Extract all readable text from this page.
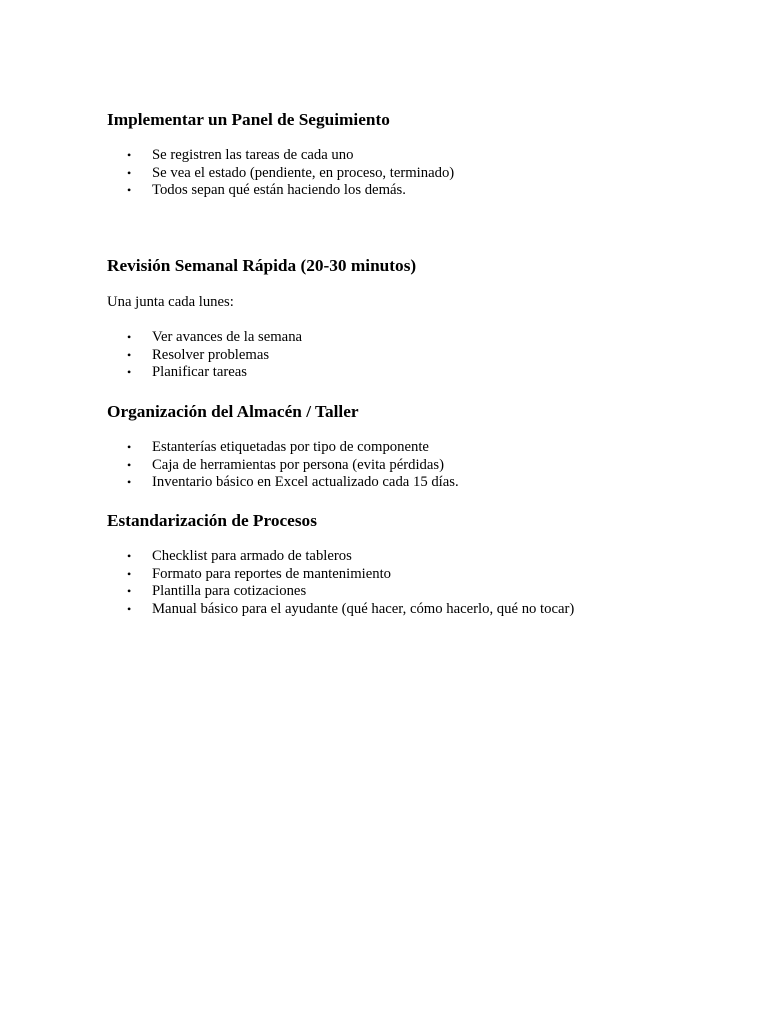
Implementar un Panel de Seguimiento
• Se registren las tareas de cada uno
• Se vea el estado (pendiente, en proceso, terminado)
• Todos sepan qué están haciendo los demás.
Revisión Semanal Rápida (20-30 minutos)

Una junta cada lunes:

• Ver avances de la semana
• Resolver problemas
• Planificar tareas
Organización del Almacén / Taller
• Estanterías etiquetadas por tipo de componente
• Caja de herramientas por persona (evita pérdidas)
• Inventario básico en Excel actualizado cada 15 días.
Estandarización de Procesos
• Checklist para armado de tableros
• Formato para reportes de mantenimiento
• Plantilla para cotizaciones
• Manual básico para el ayudante (qué hacer, cómo hacerlo, qué no tocar)
